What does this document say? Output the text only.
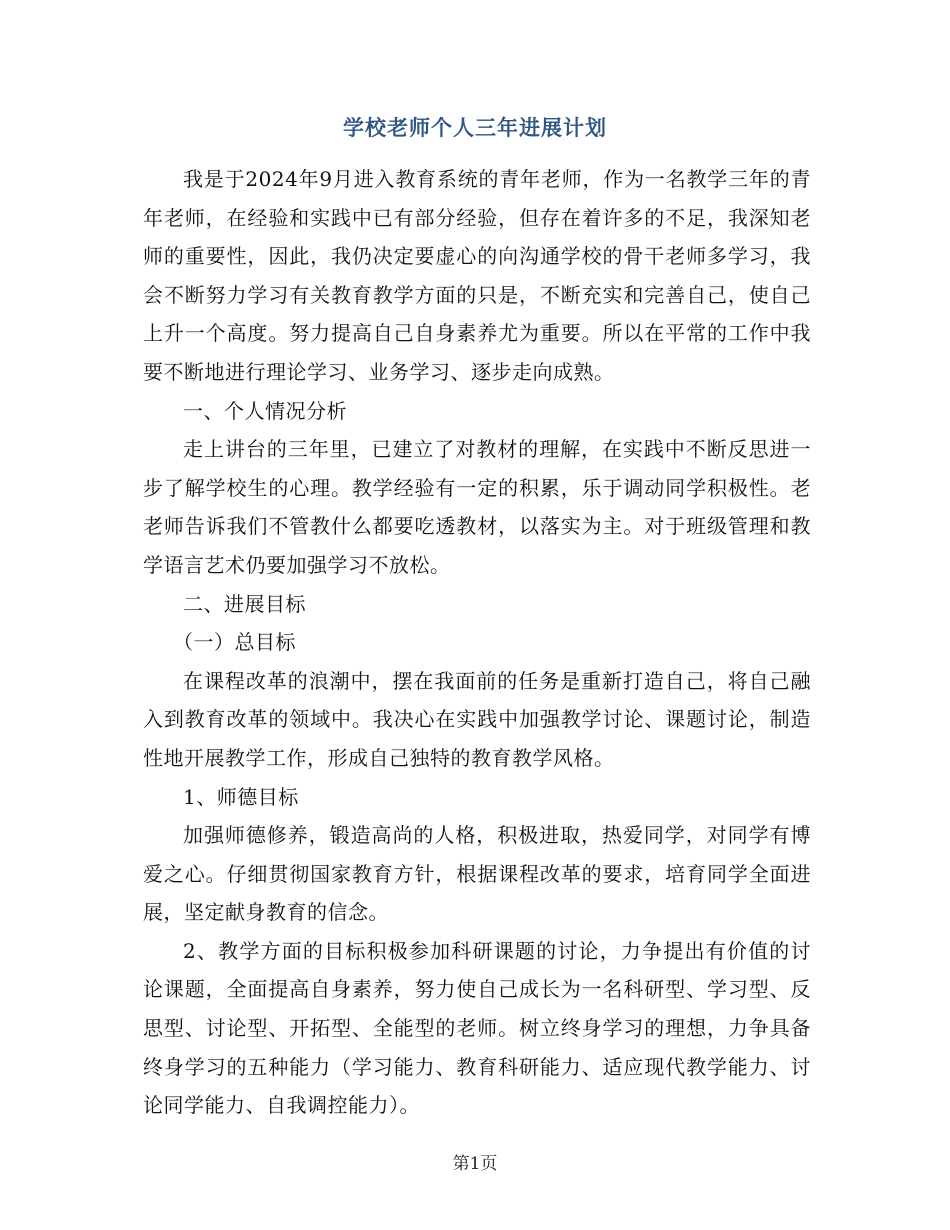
学校老师个人三年进展计划

我是于2024年9月进入教育系统的青年老师，作为一名教学三年的青年老师，在经验和实践中已有部分经验，但存在着许多的不足，我深知老师的重要性，因此，我仍决定要虚心的向沟通学校的骨干老师多学习，我会不断努力学习有关教育教学方面的只是，不断充实和完善自己，使自己上升一个高度。努力提高自己自身素养尤为重要。所以在平常的工作中我要不断地进行理论学习、业务学习、逐步走向成熟。

一、个人情况分析

走上讲台的三年里，已建立了对教材的理解，在实践中不断反思进一步了解学校生的心理。教学经验有一定的积累，乐于调动同学积极性。老老师告诉我们不管教什么都要吃透教材，以落实为主。对于班级管理和教学语言艺术仍要加强学习不放松。

二、进展目标

（一）总目标

在课程改革的浪潮中，摆在我面前的任务是重新打造自己，将自己融入到教育改革的领域中。我决心在实践中加强教学讨论、课题讨论，制造性地开展教学工作，形成自己独特的教育教学风格。

1、师德目标

加强师德修养，锻造高尚的人格，积极进取，热爱同学，对同学有博爱之心。仔细贯彻国家教育方针，根据课程改革的要求，培育同学全面进展，坚定献身教育的信念。

2、教学方面的目标积极参加科研课题的讨论，力争提出有价值的讨论课题，全面提高自身素养，努力使自己成长为一名科研型、学习型、反思型、讨论型、开拓型、全能型的老师。树立终身学习的理想，力争具备终身学习的五种能力（学习能力、教育科研能力、适应现代教学能力、讨论同学能力、自我调控能力）。

第1页
